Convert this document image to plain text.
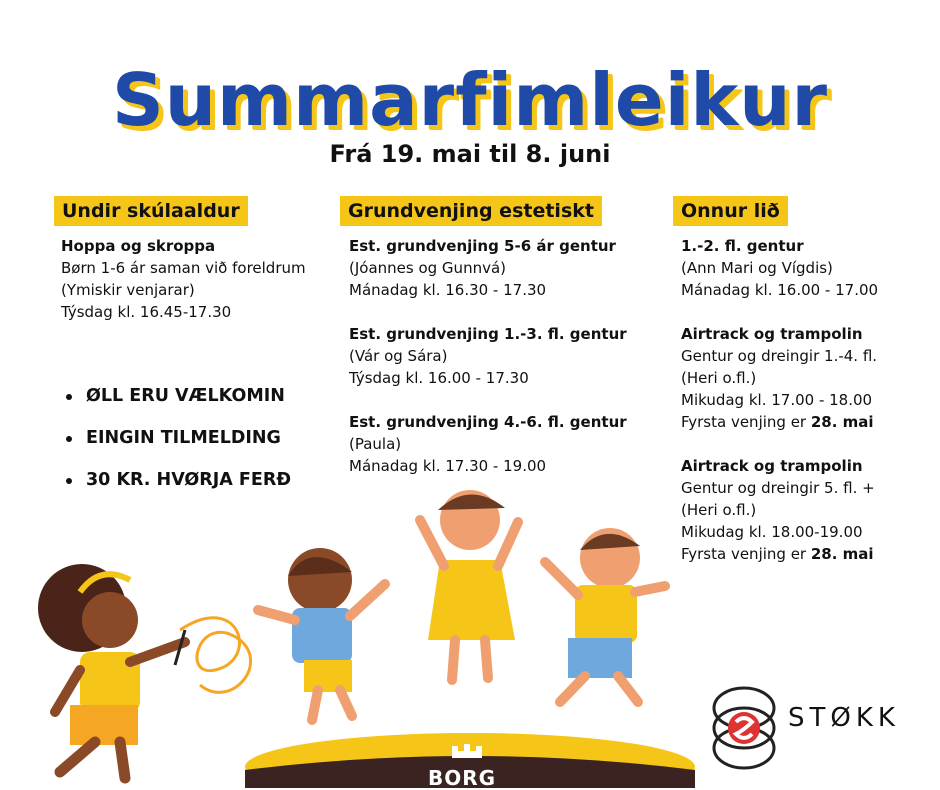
Summarfimleikur
Frá 19. mai til 8. juni
Undir skúlaaldur
Hoppa og skroppa
Børn 1-6 ár saman við foreldrum
(Ymiskir venjarar)
Týsdag kl. 16.45-17.30
Grundvenjing estetiskt
Est. grundvenjing 5-6 ár gentur
(Jóannes og Gunnvá)
Mánadag kl. 16.30 - 17.30
Est. grundvenjing 1.-3. fl. gentur
(Vár og Sára)
Týsdag kl. 16.00 - 17.30
Est. grundvenjing 4.-6. fl. gentur
(Paula)
Mánadag kl. 17.30 - 19.00
Onnur lið
1.-2. fl. gentur
(Ann Mari og Vígdis)
Mánadag kl. 16.00 - 17.00
Airtrack og trampolin
Gentur og dreingir 1.-4. fl.
(Heri o.fl.)
Mikudag kl. 17.00 - 18.00
Fyrsta venjing er 28. mai
Airtrack og trampolin
Gentur og dreingir 5. fl. +
(Heri o.fl.)
Mikudag kl. 18.00-19.00
Fyrsta venjing er 28. mai
ØLL ERU VÆLKOMIN
EINGIN TILMELDING
30 KR. HVØRJA FERÐ
BORG
STØKK
